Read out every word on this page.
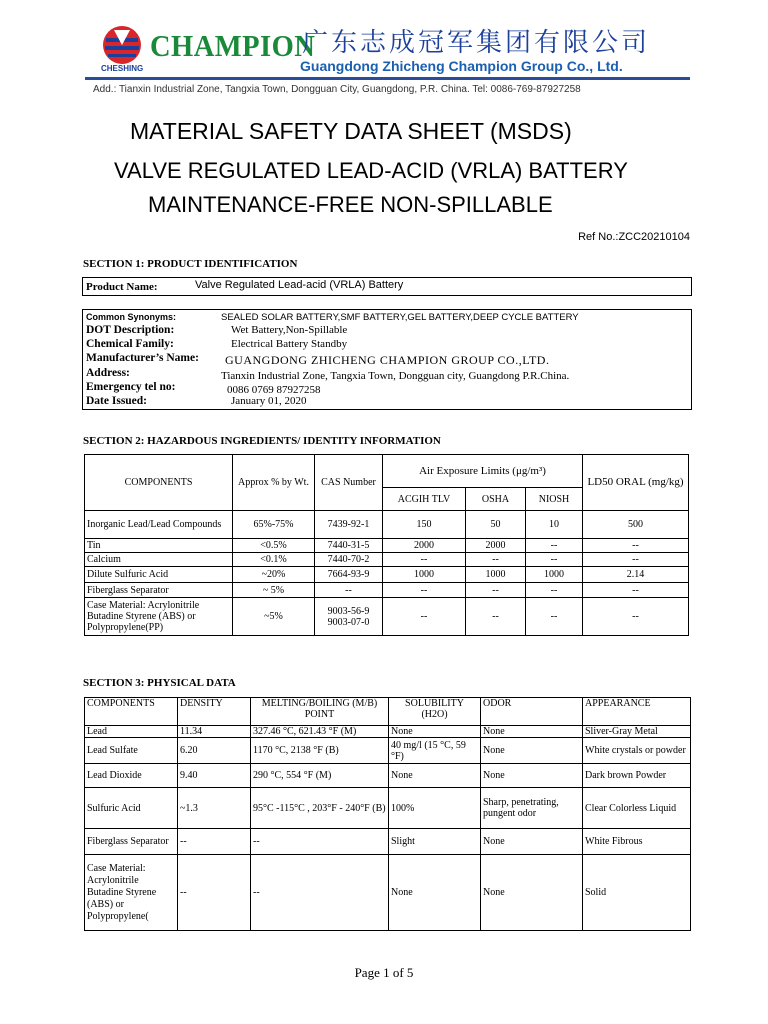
CHAMPION
CHESHING
广东志成冠军集团有限公司
Guangdong Zhicheng Champion Group Co., Ltd.
Add.: Tianxin Industrial Zone, Tangxia Town, Dongguan City, Guangdong, P.R. China. Tel: 0086-769-87927258
MATERIAL SAFETY DATA SHEET (MSDS)
VALVE REGULATED LEAD-ACID (VRLA) BATTERY
MAINTENANCE-FREE NON-SPILLABLE
Ref No.:ZCC20210104
SECTION 1: PRODUCT IDENTIFICATION
Product Name:	Valve Regulated Lead-acid (VRLA) Battery
Common Synonyms:	SEALED SOLAR BATTERY,SMF BATTERY,GEL BATTERY,DEEP CYCLE BATTERY
DOT Description:	Wet Battery,Non-Spillable
Chemical Family:	Electrical Battery Standby
Manufacturer’s Name: GUANGDONG ZHICHENG CHAMPION GROUP CO.,LTD.
Address:	Tianxin Industrial Zone, Tangxia Town, Dongguan city, Guangdong P.R.China.
Emergency tel no:	0086 0769 87927258
Date Issued:	January 01, 2020
SECTION 2: HAZARDOUS INGREDIENTS/ IDENTITY INFORMATION
COMPONENTS	Approx % by Wt.	CAS Number	Air Exposure Limits (μg/m³)			LD50 ORAL (mg/kg)
			ACGIH TLV	OSHA	NIOSH	
Inorganic Lead/Lead Compounds	65%-75%	7439-92-1	150	50	10	500
Tin	<0.5%	7440-31-5	2000	2000	--	--
Calcium	<0.1%	7440-70-2	--	--	--	--
Dilute Sulfuric Acid	~20%	7664-93-9	1000	1000	1000	2.14
Fiberglass Separator	~ 5%	--	--	--	--	--
Case Material: Acrylonitrile Butadine Styrene (ABS) or Polypropylene(PP)	~5%	9003-56-9 9003-07-0	--	--	--	--
SECTION 3: PHYSICAL DATA
COMPONENTS	DENSITY	MELTING/BOILING (M/B) POINT	SOLUBILITY (H2O)	ODOR	APPEARANCE
Lead	11.34	327.46 °C, 621.43 °F (M)	None	None	Sliver-Gray Metal
Lead Sulfate	6.20	1170 °C, 2138 °F (B)	40 mg/l (15 °C, 59 °F)	None	White crystals or powder
Lead Dioxide	9.40	290 °C, 554 °F (M)	None	None	Dark brown Powder
Sulfuric Acid	~1.3	95°C -115°C , 203°F - 240°F (B)	100%	Sharp, penetrating, pungent odor	Clear Colorless Liquid
Fiberglass Separator	--	--	Slight	None	White Fibrous
Case Material: Acrylonitrile Butadine Styrene (ABS) or Polypropylene(	--	--	None	None	Solid
Page 1 of 5
